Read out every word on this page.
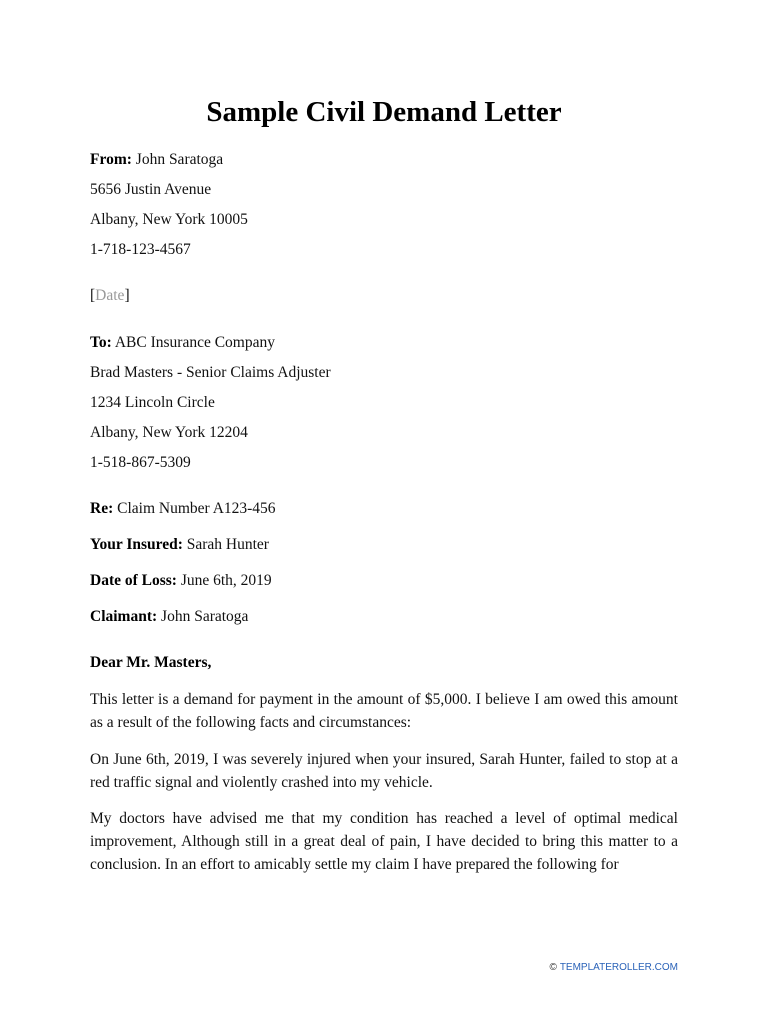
Sample Civil Demand Letter
From: John Saratoga
5656 Justin Avenue
Albany, New York 10005
1-718-123-4567
[Date]
To: ABC Insurance Company
Brad Masters - Senior Claims Adjuster
1234 Lincoln Circle
Albany, New York 12204
1-518-867-5309
Re: Claim Number A123-456
Your Insured: Sarah Hunter
Date of Loss: June 6th, 2019
Claimant: John Saratoga
Dear Mr. Masters,
This letter is a demand for payment in the amount of $5,000. I believe I am owed this amount as a result of the following facts and circumstances:
On June 6th, 2019, I was severely injured when your insured, Sarah Hunter, failed to stop at a red traffic signal and violently crashed into my vehicle.
My doctors have advised me that my condition has reached a level of optimal medical improvement, Although still in a great deal of pain, I have decided to bring this matter to a conclusion. In an effort to amicably settle my claim I have prepared the following for
© TEMPLATEROLLER.COM
